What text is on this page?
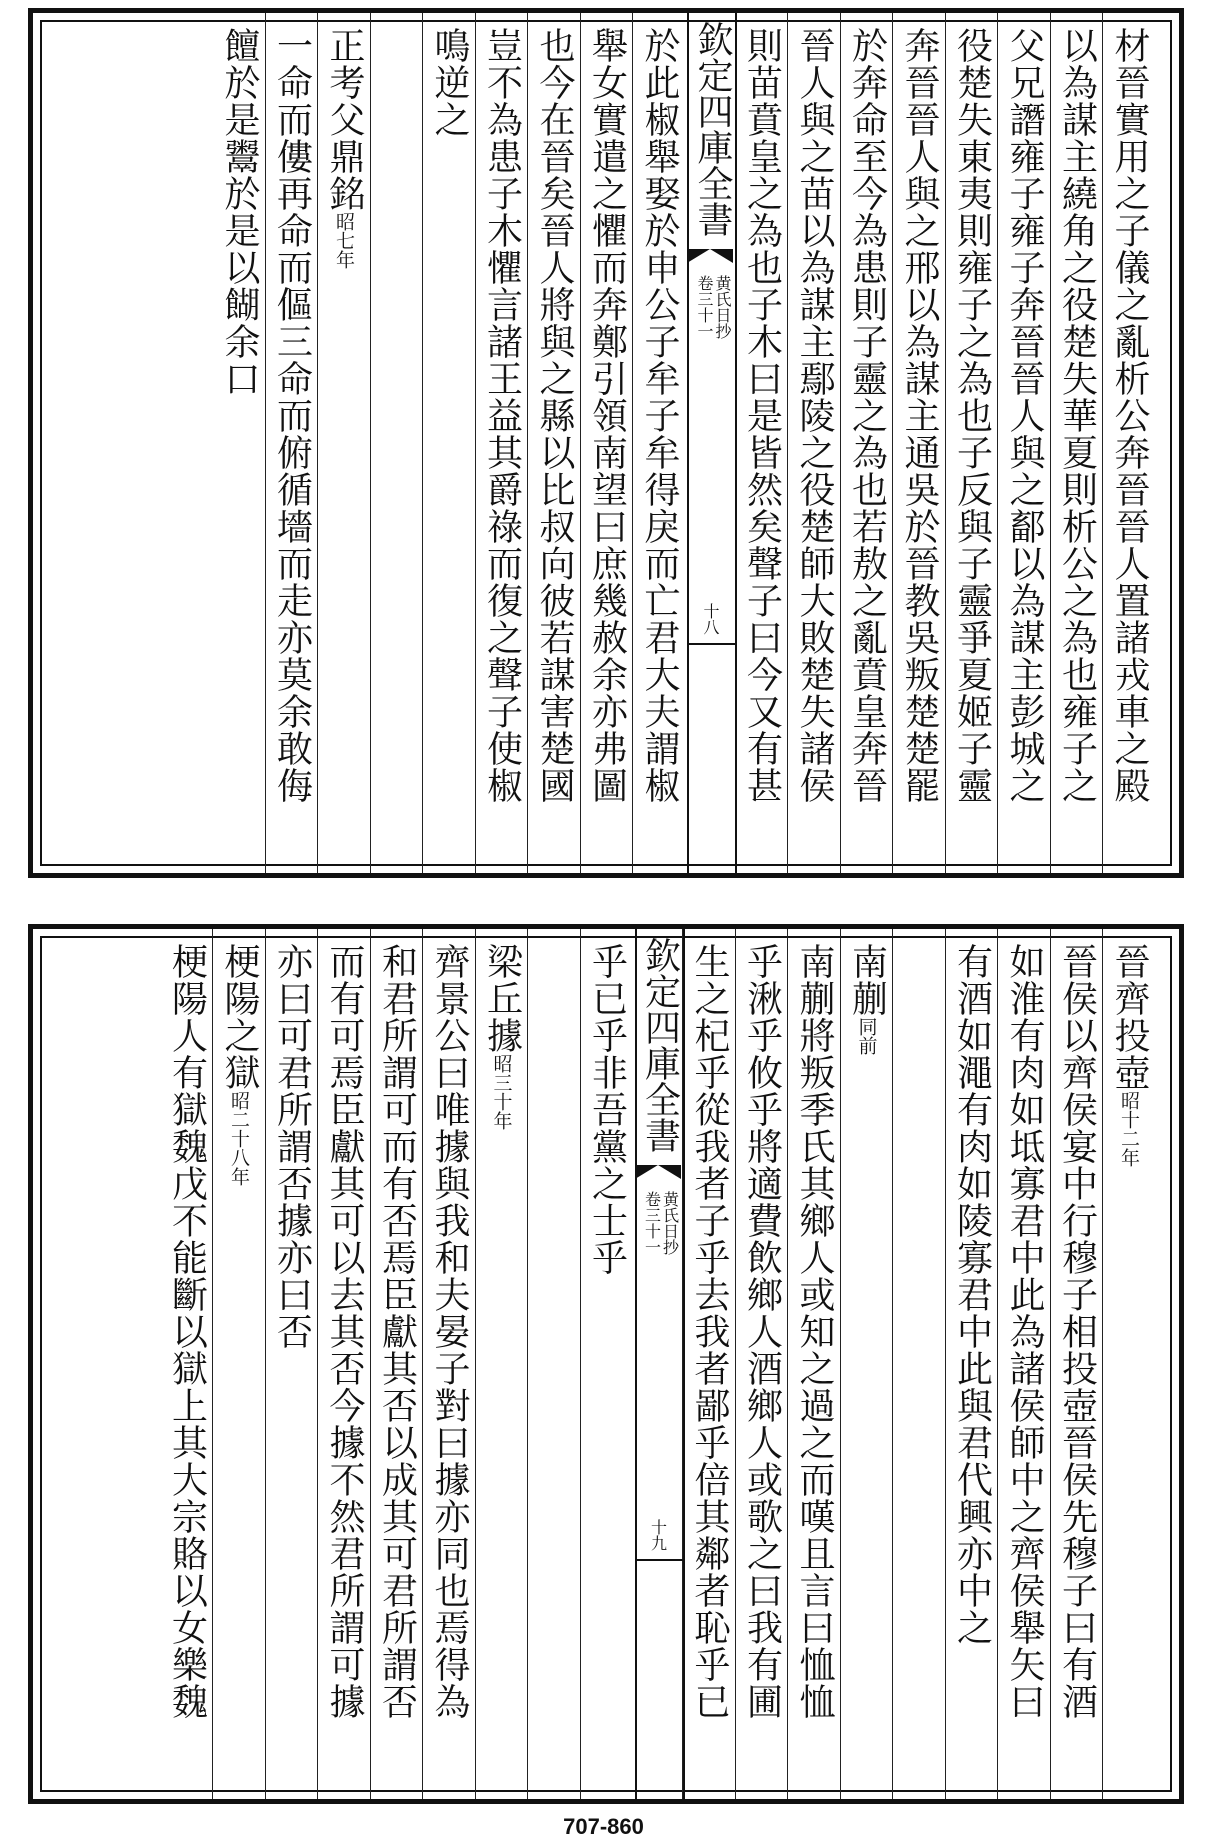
材晉實用之子儀之亂析公奔晉晉人置諸戎車之殿
以為謀主繞角之役楚失華夏則析公之為也雍子之
父兄譖雍子雍子奔晉晉人與之鄐以為謀主彭城之
役楚失東夷則雍子之為也子反與子靈爭夏姬子靈
奔晉晉人與之邢以為謀主通吳於晉教吳叛楚楚罷
於奔命至今為患則子靈之為也若敖之亂賁皇奔晉
晉人與之苗以為謀主鄢陵之役楚師大敗楚失諸侯
則苗賁皇之為也子木曰是皆然矣聲子曰今又有甚
欽定四庫全書
黄氏日抄
卷三十一
十八
於此椒舉娶於申公子牟子牟得戾而亡君大夫謂椒
舉女實遣之懼而奔鄭引領南望曰庶幾赦余亦弗圖
也今在晉矣晉人將與之縣以比叔向彼若謀害楚國
豈不為患子木懼言諸王益其爵祿而復之聲子使椒
鳴逆之
正考父鼎銘昭七年
一命而僂再命而傴三命而俯循墻而走亦莫余敢侮
饘於是鬻於是以餬余口
晉齊投壺昭十二年
晉侯以齊侯宴中行穆子相投壺晉侯先穆子曰有酒
如淮有肉如坻寡君中此為諸侯師中之齊侯舉矢曰
有酒如澠有肉如陵寡君中此與君代興亦中之
南蒯同前
南蒯將叛季氏其鄉人或知之過之而嘆且言曰恤恤
乎湫乎攸乎將適費飲鄉人酒鄉人或歌之曰我有圃
生之杞乎從我者子乎去我者鄙乎倍其鄰者恥乎已
欽定四庫全書
黄氏日抄
卷三十一
十九
乎已乎非吾黨之士乎
梁丘據昭三十年
齊景公曰唯據與我和夫晏子對曰據亦同也焉得為
和君所謂可而有否焉臣獻其否以成其可君所謂否
而有可焉臣獻其可以去其否今據不然君所謂可據
亦曰可君所謂否據亦曰否
梗陽之獄昭二十八年
梗陽人有獄魏戊不能斷以獄上其大宗賂以女樂魏
707-860
